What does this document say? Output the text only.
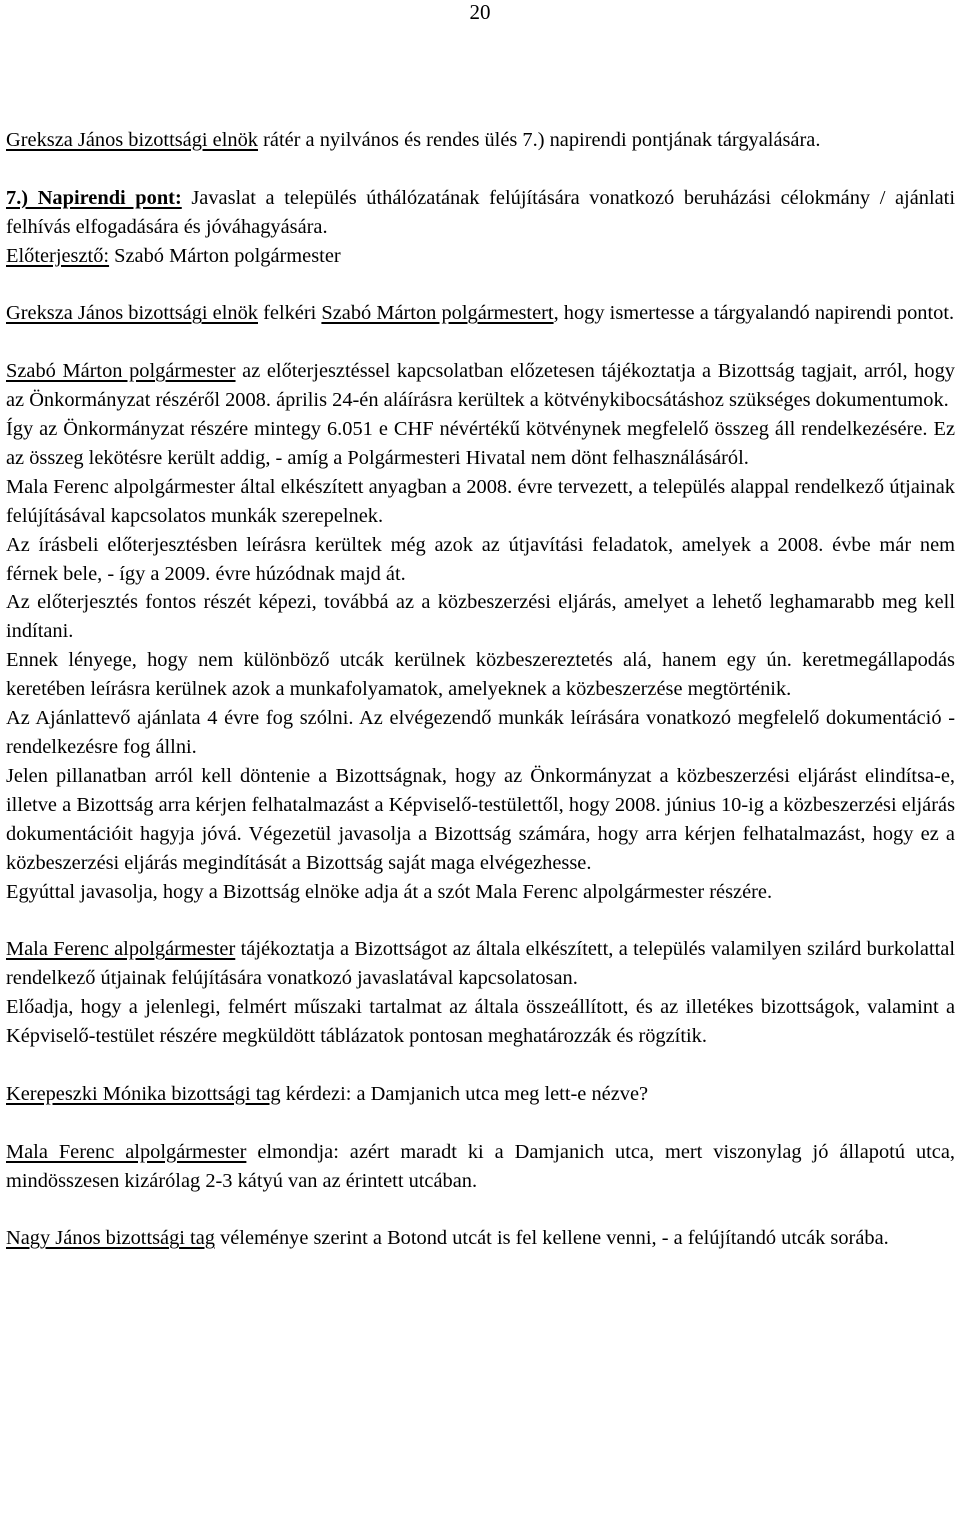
20

Greksza János bizottsági elnök rátér a nyilvános és rendes ülés 7.) napirendi pontjának tárgyalására.

7.) Napirendi pont: Javaslat a település úthálózatának felújítására vonatkozó beruházási célokmány / ajánlati felhívás elfogadására és jóváhagyására.

Előterjesztő: Szabó Márton polgármester

Greksza János bizottsági elnök felkéri Szabó Márton polgármestert, hogy ismertesse a tárgyalandó napirendi pontot.

Szabó Márton polgármester az előterjesztéssel kapcsolatban előzetesen tájékoztatja a Bizottság tagjait, arról, hogy az Önkormányzat részéről 2008. április 24-én aláírásra kerültek a kötvénykibocsátáshoz szükséges dokumentumok.

Így az Önkormányzat részére mintegy 6.051 e CHF névértékű kötvénynek megfelelő összeg áll rendelkezésére. Ez az összeg lekötésre került addig, - amíg a Polgármesteri Hivatal nem dönt felhasználásáról.

Mala Ferenc alpolgármester által elkészített anyagban a 2008. évre tervezett, a település alappal rendelkező útjainak felújításával kapcsolatos munkák szerepelnek.

Az írásbeli előterjesztésben leírásra kerültek még azok az útjavítási feladatok, amelyek a 2008. évbe már nem férnek bele, - így a 2009. évre húzódnak majd át.

Az előterjesztés fontos részét képezi, továbbá az a közbeszerzési eljárás, amelyet a lehető leghamarabb meg kell indítani.

Ennek lényege, hogy nem különböző utcák kerülnek közbeszereztetés alá, hanem egy ún. keretmegállapodás keretében leírásra kerülnek azok a munkafolyamatok, amelyeknek a közbeszerzése megtörténik.

Az Ajánlattevő ajánlata 4 évre fog szólni. Az elvégezendő munkák leírására vonatkozó megfelelő dokumentáció - rendelkezésre fog állni.

Jelen pillanatban arról kell döntenie a Bizottságnak, hogy az Önkormányzat a közbeszerzési eljárást elindítsa-e, illetve a Bizottság arra kérjen felhatalmazást a Képviselő-testülettől, hogy 2008. június 10-ig a közbeszerzési eljárás dokumentációit hagyja jóvá. Végezetül javasolja a Bizottság számára, hogy arra kérjen felhatalmazást, hogy ez a közbeszerzési eljárás megindítását a Bizottság saját maga elvégezhesse.

Egyúttal javasolja, hogy a Bizottság elnöke adja át a szót Mala Ferenc alpolgármester részére.

Mala Ferenc alpolgármester tájékoztatja a Bizottságot az általa elkészített, a település valamilyen szilárd burkolattal rendelkező útjainak felújítására vonatkozó javaslatával kapcsolatosan.

Előadja, hogy a jelenlegi, felmért műszaki tartalmat az általa összeállított, és az illetékes bizottságok, valamint a Képviselő-testület részére megküldött táblázatok pontosan meghatározzák és rögzítik.

Kerepeszki Mónika bizottsági tag kérdezi: a Damjanich utca meg lett-e nézve?

Mala Ferenc alpolgármester elmondja: azért maradt ki a Damjanich utca, mert viszonylag jó állapotú utca, mindösszesen kizárólag 2-3 kátyú van az érintett utcában.

Nagy János bizottsági tag véleménye szerint a Botond utcát is fel kellene venni, - a felújítandó utcák sorába.
